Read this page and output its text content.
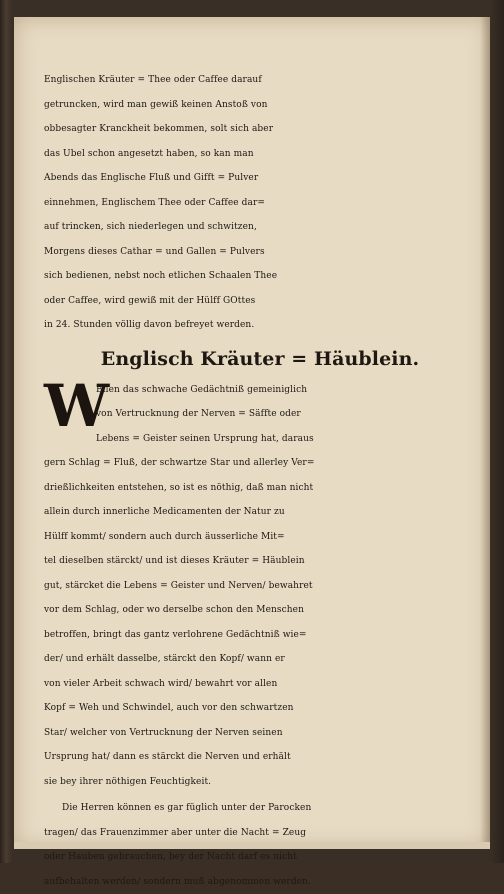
Englischen Kräuter = Thee oder Caffee darauf

getruncken, wird man gewiß keinen Anstoß von

obbesagter Kranckheit bekommen, solt sich aber

das Ubel schon angesetzt haben, so kan man

Abends das Englische Fluß und Gifft = Pulver

einnehmen, Englischem Thee oder Caffee dar=

auf trincken, sich niederlegen und schwitzen,

Morgens dieses Cathar = und Gallen = Pulvers

sich bedienen, nebst noch etlichen Schaalen Thee

oder Caffee, wird gewiß mit der Hülff GOttes

in 24. Stunden völlig davon befreyet werden.

Englisch Kräuter = Häublein.
W

Eilen das schwache Gedächtniß gemeiniglich

von Vertrucknung der Nerven = Säffte oder

Lebens = Geister seinen Ursprung hat, daraus

gern Schlag = Fluß, der schwartze Star und allerley Ver=

drießlichkeiten entstehen, so ist es nöthig, daß man nicht

allein durch innerliche Medicamenten der Natur zu

Hülff kommt/ sondern auch durch äusserliche Mit=

tel dieselben stärckt/ und ist dieses Kräuter = Häublein

gut, stärcket die Lebens = Geister und Nerven/ bewahret

vor dem Schlag, oder wo derselbe schon den Menschen

betroffen, bringt das gantz verlohrene Gedächtniß wie=

der/ und erhält dasselbe, stärckt den Kopf/ wann er

von vieler Arbeit schwach wird/ bewahrt vor allen

Kopf = Weh und Schwindel, auch vor den schwartzen

Star/ welcher von Vertrucknung der Nerven seinen

Ursprung hat/ dann es stärckt die Nerven und erhält

sie bey ihrer nöthigen Feuchtigkeit.

Die Herren können es gar füglich unter der Parocken

tragen/ das Frauenzimmer aber unter die Nacht = Zeug

oder Hauben gebrauchen, bey der Nacht darf es nicht

aufbehalten werden/ sondern muß abgenommen werden.
